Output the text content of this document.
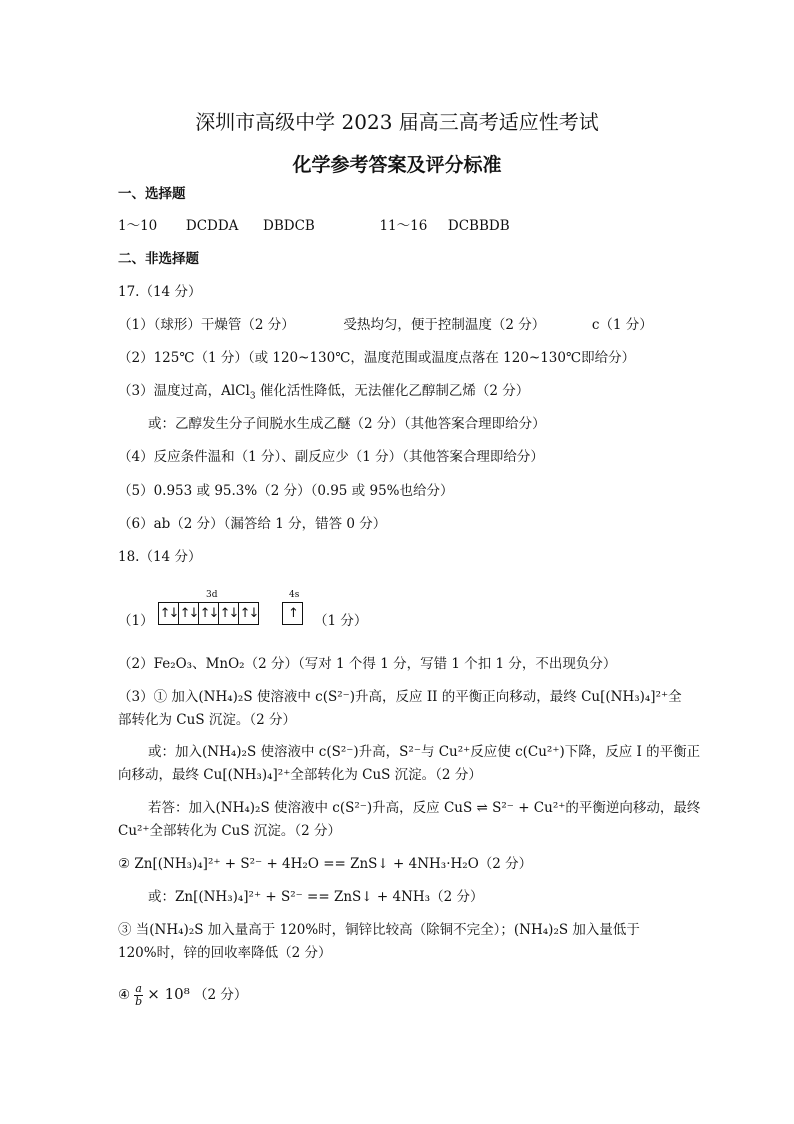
深圳市高级中学 2023 届高三高考适应性考试
化学参考答案及评分标准
一、选择题
1～10 DCDDA DBDCB	11～16 DCBBDB
二、非选择题
17.（14 分）
（1）（球形）干燥管（2 分）	受热均匀，便于控制温度（2 分）	c（1 分）
（2）125℃（1 分）（或 120~130℃，温度范围或温度点落在 120~130℃即给分）
（3）温度过高，AlCl$_3$ 催化活性降低，无法催化乙醇制乙烯（2 分）
或：乙醇发生分子间脱水生成乙醚（2 分）（其他答案合理即给分）
（4）反应条件温和（1 分）、副反应少（1 分）（其他答案合理即给分）
（5）0.953 或 95.3%（2 分）（0.95 或 95%也给分）
（6）ab（2 分）（漏答给 1 分，错答 0 分）
18.（14 分）
（1）
3d
↑↓ ↑↓ ↑↓ ↑↓ ↑↓
4s
↑	（1 分）
（2）Fe₂O₃、MnO₂（2 分）（写对 1 个得 1 分，写错 1 个扣 1 分，不出现负分）
（3）① 加入(NH₄)₂S 使溶液中 c(S²⁻)升高，反应 II 的平衡正向移动，最终 Cu[(NH₃)₄]²⁺全
部转化为 CuS 沉淀。（2 分）
或：加入(NH₄)₂S 使溶液中 c(S²⁻)升高，S²⁻与 Cu²⁺反应使 c(Cu²⁺)下降，反应 I 的平衡正
向移动，最终 Cu[(NH₃)₄]²⁺全部转化为 CuS 沉淀。（2 分）
若答：加入(NH₄)₂S 使溶液中 c(S²⁻)升高，反应 CuS ⇌ S²⁻ + Cu²⁺的平衡逆向移动，最终
Cu²⁺全部转化为 CuS 沉淀。（2 分）
② Zn[(NH₃)₄]²⁺ + S²⁻ + 4H₂O == ZnS↓ + 4NH₃·H₂O（2 分）
或：Zn[(NH₃)₄]²⁺ + S²⁻ == ZnS↓ + 4NH₃（2 分）
③ 当(NH₄)₂S 加入量高于 120%时，铜锌比较高（除铜不完全）；(NH₄)₂S 加入量低于
120%时，锌的回收率降低（2 分）
④ $\frac{a}{b} \times 10^8$ （2 分）
